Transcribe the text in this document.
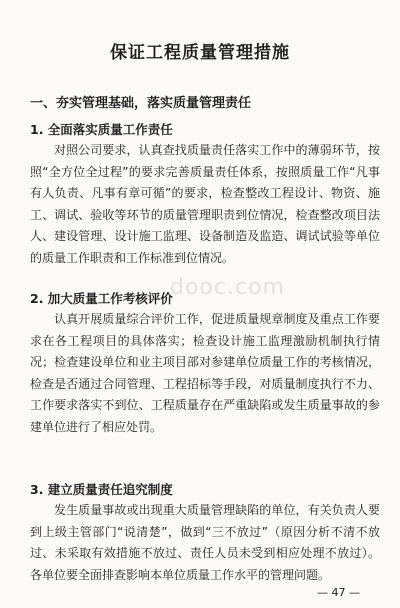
保证工程质量管理措施
一、夯实管理基础，落实质量管理责任
1. 全面落实质量工作责任

对照公司要求，认真查找质量责任落实工作中的薄弱环节，按照“全方位全过程”的要求完善质量责任体系，按照质量工作“凡事有人负责、凡事有章可循”的要求，检查整改工程设计、物资、施工、调试、验收等环节的质量管理职责到位情况，检查整改项目法人、建设管理、设计施工监理、设备制造及监造、调试试验等单位的质量工作职责和工作标准到位情况。

dooc.com
2. 加大质量工作考核评价

认真开展质量综合评价工作，促进质量规章制度及重点工作要求在各工程项目的具体落实；检查设计施工监理激励机制执行情况；检查建设单位和业主项目部对参建单位质量工作的考核情况，检查是否通过合同管理、工程招标等手段，对质量制度执行不力、工作要求落实不到位、工程质量存在严重缺陷或发生质量事故的参建单位进行了相应处罚。

3. 建立质量责任追究制度

发生质量事故或出现重大质量管理缺陷的单位，有关负责人要到上级主管部门“说清楚”，做到“三不放过”（原因分析不清不放过、未采取有效措施不放过、责任人员未受到相应处理不放过）。各单位要全面排查影响本单位质量工作水平的管理问题。

— 47 —
